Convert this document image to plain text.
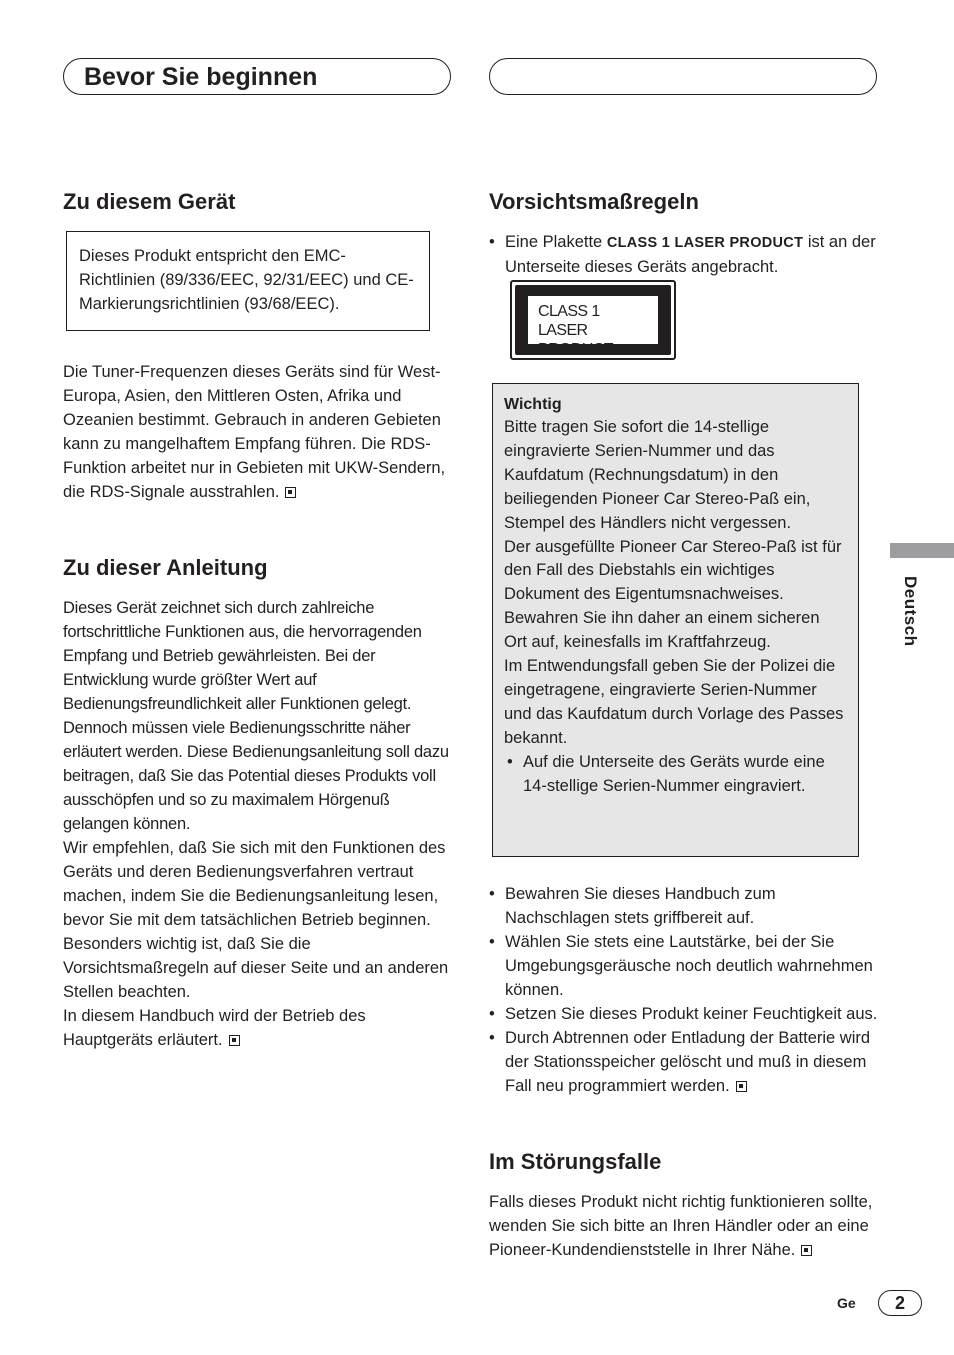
Bevor Sie beginnen
Zu diesem Gerät

Dieses Produkt entspricht den EMC-Richtlinien (89/336/EEC, 92/31/EEC) und CE-Markierungsrichtlinien (93/68/EEC).

Die Tuner-Frequenzen dieses Geräts sind für West-Europa, Asien, den Mittleren Osten, Afrika und Ozeanien bestimmt. Gebrauch in anderen Gebieten kann zu mangelhaftem Empfang führen. Die RDS-Funktion arbeitet nur in Gebieten mit UKW-Sendern, die RDS-Signale ausstrahlen.

Zu dieser Anleitung

Dieses Gerät zeichnet sich durch zahlreiche fortschrittliche Funktionen aus, die hervorragenden Empfang und Betrieb gewährleisten. Bei der Entwicklung wurde größter Wert auf Bedienungsfreundlichkeit aller Funktionen gelegt. Dennoch müssen viele Bedienungsschritte näher erläutert werden. Diese Bedienungsanleitung soll dazu beitragen, daß Sie das Potential dieses Produkts voll ausschöpfen und so zu maximalem Hörgenuß gelangen können.

Wir empfehlen, daß Sie sich mit den Funktionen des Geräts und deren Bedienungsverfahren vertraut machen, indem Sie die Bedienungsanleitung lesen, bevor Sie mit dem tatsächlichen Betrieb beginnen. Besonders wichtig ist, daß Sie die Vorsichtsmaßregeln auf dieser Seite und an anderen Stellen beachten.

In diesem Handbuch wird der Betrieb des Hauptgeräts erläutert.

Vorsichtsmaßregeln
• Eine Plakette CLASS 1 LASER PRODUCT ist an der Unterseite dieses Geräts angebracht.
CLASS 1
LASER PRODUCT
Wichtig

Bitte tragen Sie sofort die 14-stellige eingravierte Serien-Nummer und das Kaufdatum (Rechnungsdatum) in den beiliegenden Pioneer Car Stereo-Paß ein, Stempel des Händlers nicht vergessen.

Der ausgefüllte Pioneer Car Stereo-Paß ist für den Fall des Diebstahls ein wichtiges Dokument des Eigentumsnachweises. Bewahren Sie ihn daher an einem sicheren Ort auf, keinesfalls im Kraftfahrzeug.

Im Entwendungsfall geben Sie der Polizei die eingetragene, eingravierte Serien-Nummer und das Kaufdatum durch Vorlage des Passes bekannt.

• Auf die Unterseite des Geräts wurde eine 14-stellige Serien-Nummer eingraviert.
• Bewahren Sie dieses Handbuch zum Nachschlagen stets griffbereit auf.
• Wählen Sie stets eine Lautstärke, bei der Sie Umgebungsgeräusche noch deutlich wahrnehmen können.
• Setzen Sie dieses Produkt keiner Feuchtigkeit aus.
• Durch Abtrennen oder Entladung der Batterie wird der Stationsspeicher gelöscht und muß in diesem Fall neu programmiert werden.
Im Störungsfalle

Falls dieses Produkt nicht richtig funktionieren sollte, wenden Sie sich bitte an Ihren Händler oder an eine Pioneer-Kundendienststelle in Ihrer Nähe.

Deutsch
Ge	2
